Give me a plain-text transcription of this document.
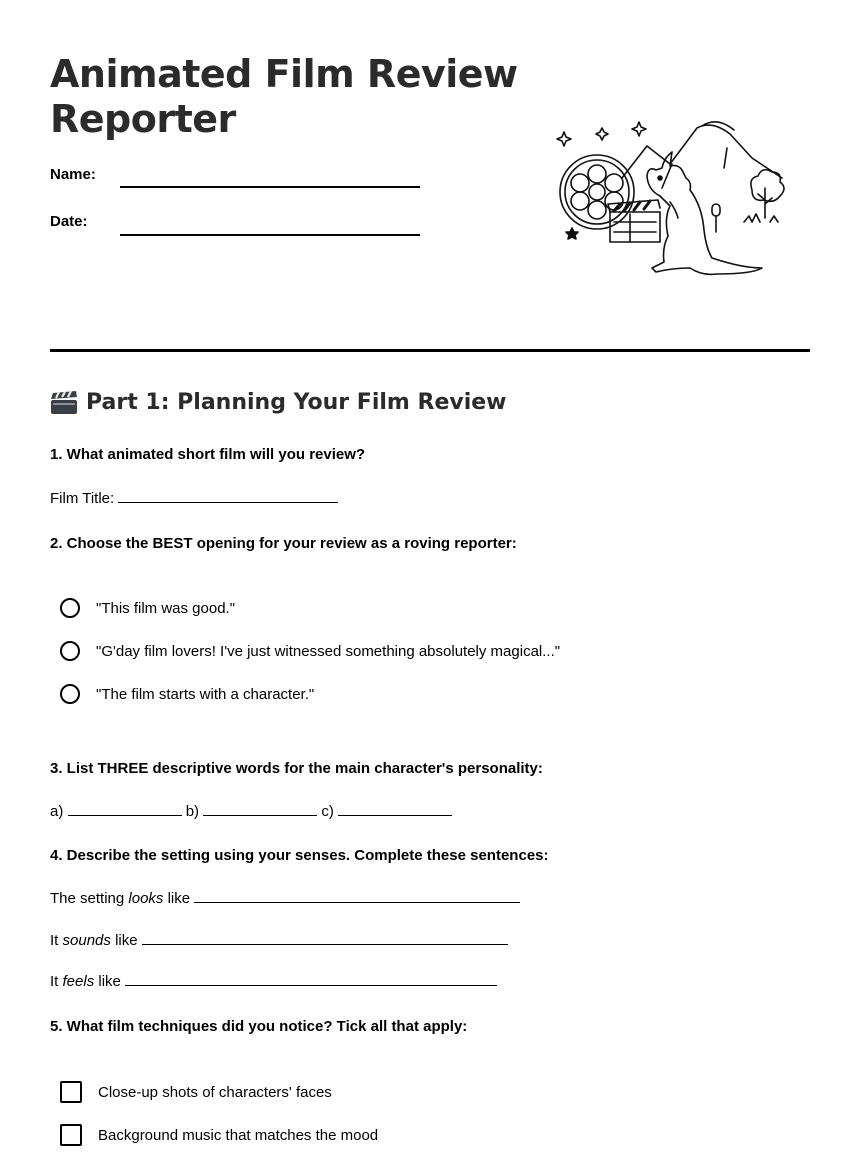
Animated Film Review
Reporter
Name:
Date:
Part 1: Planning Your Film Review
1. What animated short film will you review?
Film Title:
2. Choose the BEST opening for your review as a roving reporter:
"This film was good."
"G'day film lovers! I've just witnessed something absolutely magical..."
"The film starts with a character."
3. List THREE descriptive words for the main character's personality:
a)	b)	c)
4. Describe the setting using your senses. Complete these sentences:
The setting looks like
It sounds like
It feels like
5. What film techniques did you notice? Tick all that apply:
Close-up shots of characters' faces
Background music that matches the mood
